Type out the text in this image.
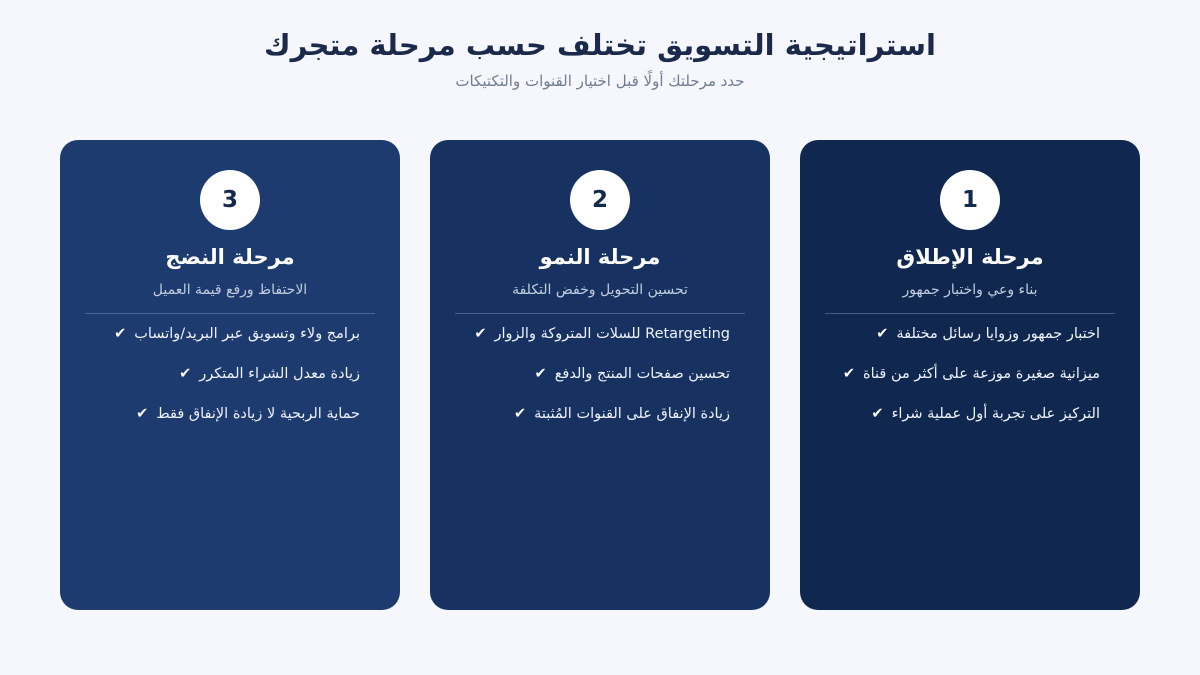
استراتيجية التسويق تختلف حسب مرحلة متجرك
حدد مرحلتك أولًا قبل اختيار القنوات والتكتيكات
1
مرحلة الإطلاق
بناء وعي واختبار جمهور
اختبار جمهور وزوايا رسائل مختلفة✔
ميزانية صغيرة موزعة على أكثر من قناة✔
التركيز على تجربة أول عملية شراء✔
2
مرحلة النمو
تحسين التحويل وخفض التكلفة
Retargeting للسلات المتروكة والزوار✔
تحسين صفحات المنتج والدفع✔
زيادة الإنفاق على القنوات المُثبتة✔
3
مرحلة النضج
الاحتفاظ ورفع قيمة العميل
برامج ولاء وتسويق عبر البريد/واتساب✔
زيادة معدل الشراء المتكرر✔
حماية الربحية لا زيادة الإنفاق فقط✔
